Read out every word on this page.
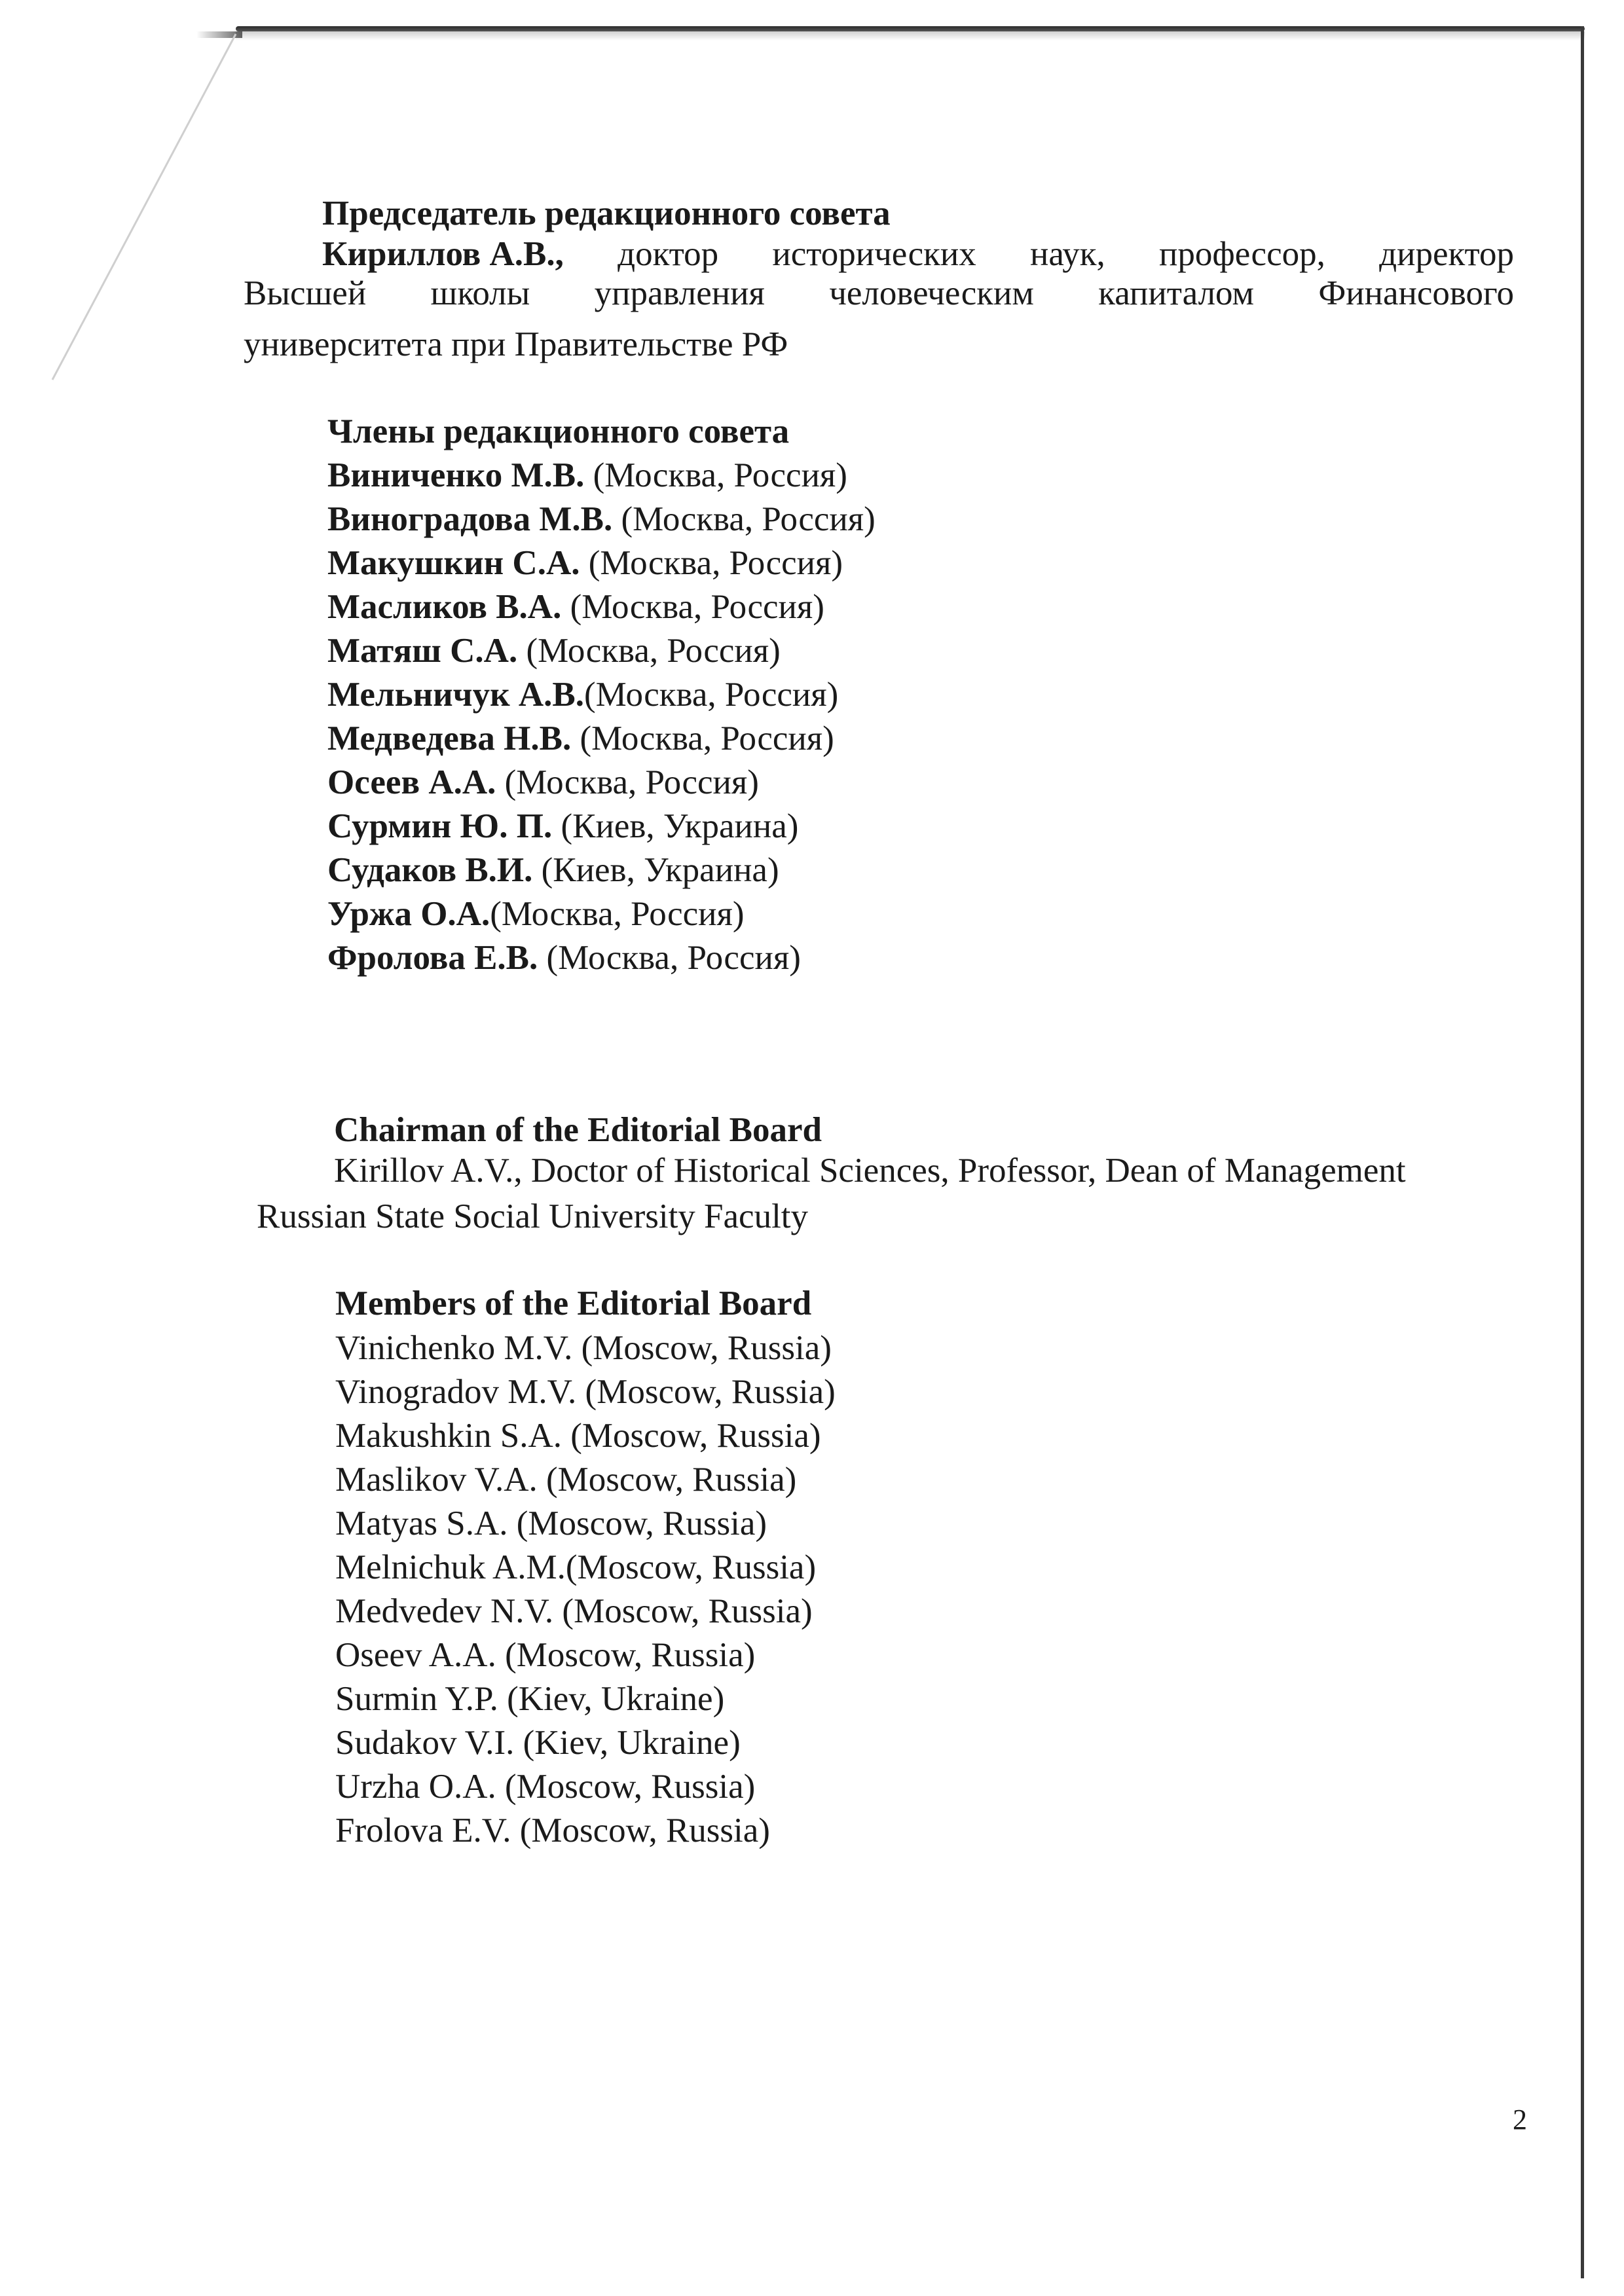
Председатель редакционного совета
Кириллов А.В., доктор исторических наук, профессор, директор
Высшей школы управления человеческим капиталом Финансового
университета при Правительстве РФ
Члены редакционного совета
Виниченко М.В. (Москва, Россия)
Виноградова М.В. (Москва, Россия)
Макушкин С.А. (Москва, Россия)
Масликов В.А. (Москва, Россия)
Матяш С.А. (Москва, Россия)
Мельничук А.В.(Москва, Россия)
Медведева Н.В. (Москва, Россия)
Осеев А.А. (Москва, Россия)
Сурмин Ю. П. (Киев, Украина)
Судаков В.И. (Киев, Украина)
Уржа О.А.(Москва, Россия)
Фролова Е.В. (Москва, Россия)
Chairman of the Editorial Board
Kirillov A.V., Doctor of Historical Sciences, Professor, Dean of Management
Russian State Social University Faculty
Members of the Editorial Board
Vinichenko M.V. (Moscow, Russia)
Vinogradov M.V. (Moscow, Russia)
Makushkin S.A. (Moscow, Russia)
Maslikov V.A. (Moscow, Russia)
Matyas S.A. (Moscow, Russia)
Melnichuk A.M.(Moscow, Russia)
Medvedev N.V. (Moscow, Russia)
Oseev A.A. (Moscow, Russia)
Surmin Y.P. (Kiev, Ukraine)
Sudakov V.I. (Kiev, Ukraine)
Urzha O.A. (Moscow, Russia)
Frolova E.V. (Moscow, Russia)
2
